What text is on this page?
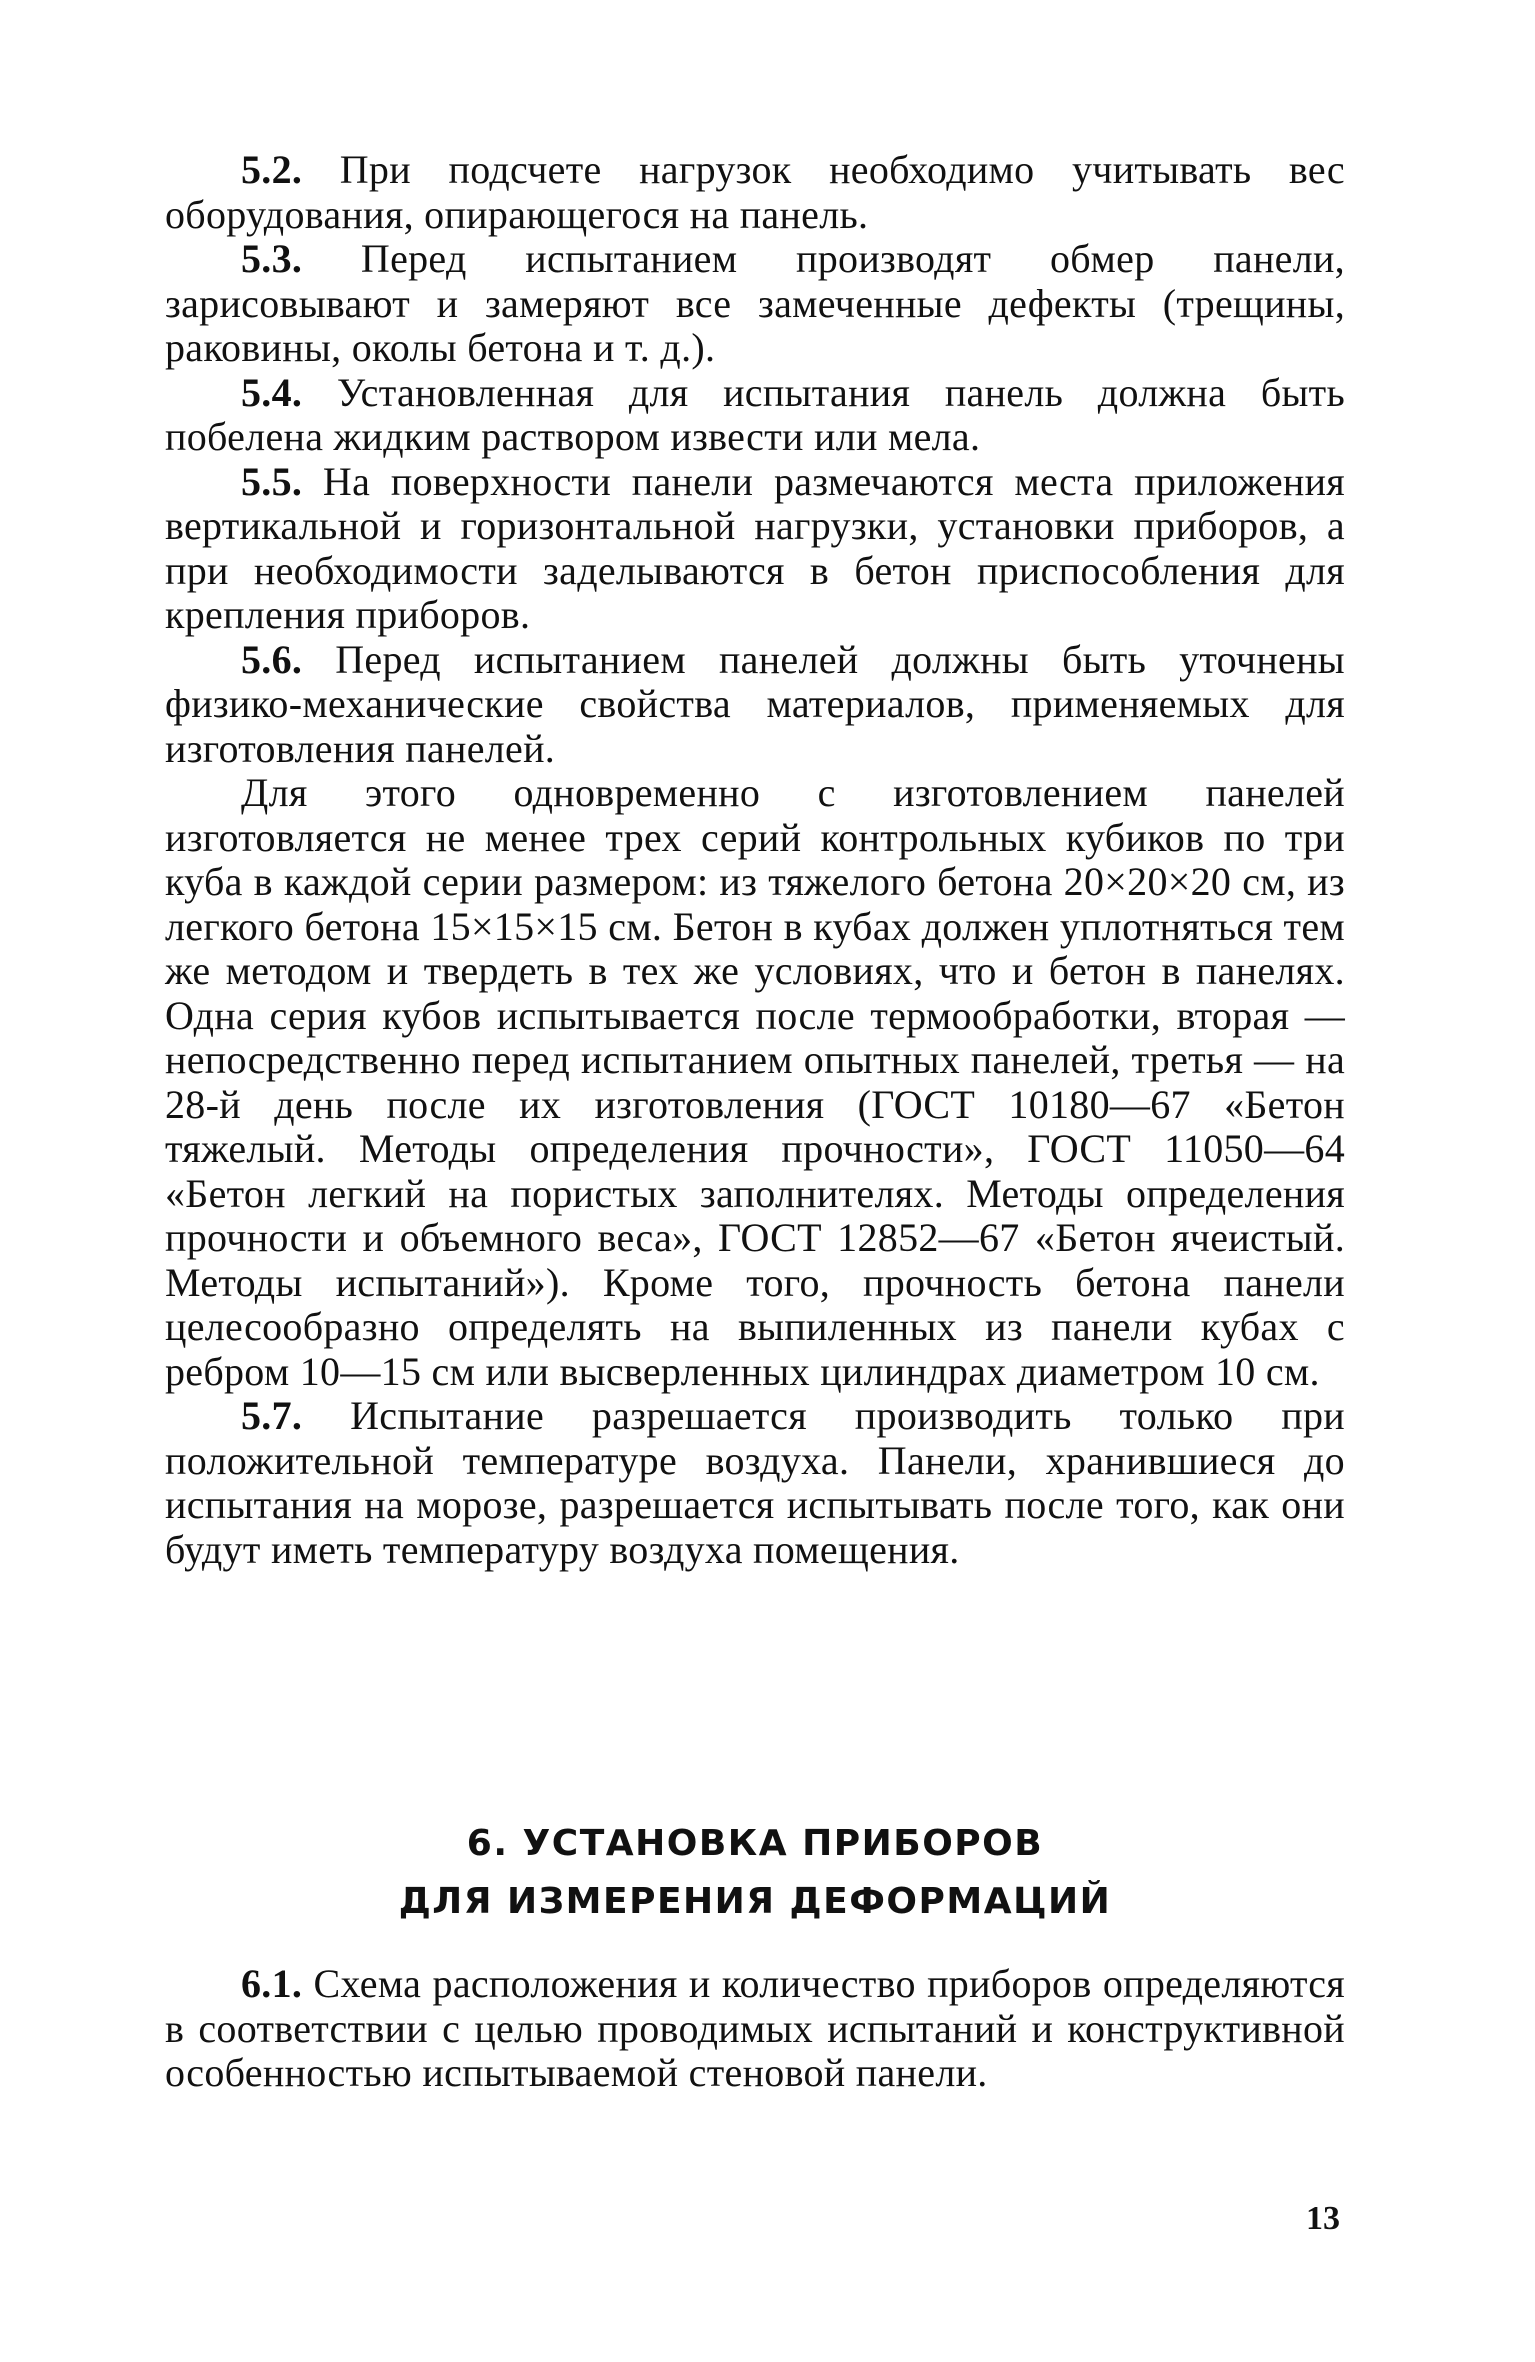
5.2. При подсчете нагрузок необходимо учитывать вес оборудования, опирающегося на панель.

5.3. Перед испытанием производят обмер панели, зарисовывают и замеряют все замеченные дефекты (трещины, раковины, околы бетона и т. д.).

5.4. Установленная для испытания панель должна быть побелена жидким раствором извести или мела.

5.5. На поверхности панели размечаются места приложения вертикальной и горизонтальной нагрузки, установки приборов, а при необходимости заделываются в бетон приспособления для крепления приборов.

5.6. Перед испытанием панелей должны быть уточнены физико-механические свойства материалов, применяемых для изготовления панелей.

Для этого одновременно с изготовлением панелей изготовляется не менее трех серий контрольных кубиков по три куба в каждой серии размером: из тяжелого бетона 20×20×20 см, из легкого бетона 15×15×15 см. Бетон в кубах должен уплотняться тем же методом и твердеть в тех же условиях, что и бетон в панелях. Одна серия кубов испытывается после термообработки, вторая — непосредственно перед испытанием опытных панелей, третья — на 28-й день после их изготовления (ГОСТ 10180—67 «Бетон тяжелый. Методы определения прочности», ГОСТ 11050—64 «Бетон легкий на пористых заполнителях. Методы определения прочности и объемного веса», ГОСТ 12852—67 «Бетон ячеистый. Методы испытаний»). Кроме того, прочность бетона панели целесообразно определять на выпиленных из панели кубах с ребром 10—15 см или высверленных цилиндрах диаметром 10 см.

5.7. Испытание разрешается производить только при положительной температуре воздуха. Панели, хранившиеся до испытания на морозе, разрешается испытывать после того, как они будут иметь температуру воздуха помещения.

6. УСТАНОВКА ПРИБОРОВ
ДЛЯ ИЗМЕРЕНИЯ ДЕФОРМАЦИЙ

6.1. Схема расположения и количество приборов определяются в соответствии с целью проводимых испытаний и конструктивной особенностью испытываемой стеновой панели.

13
